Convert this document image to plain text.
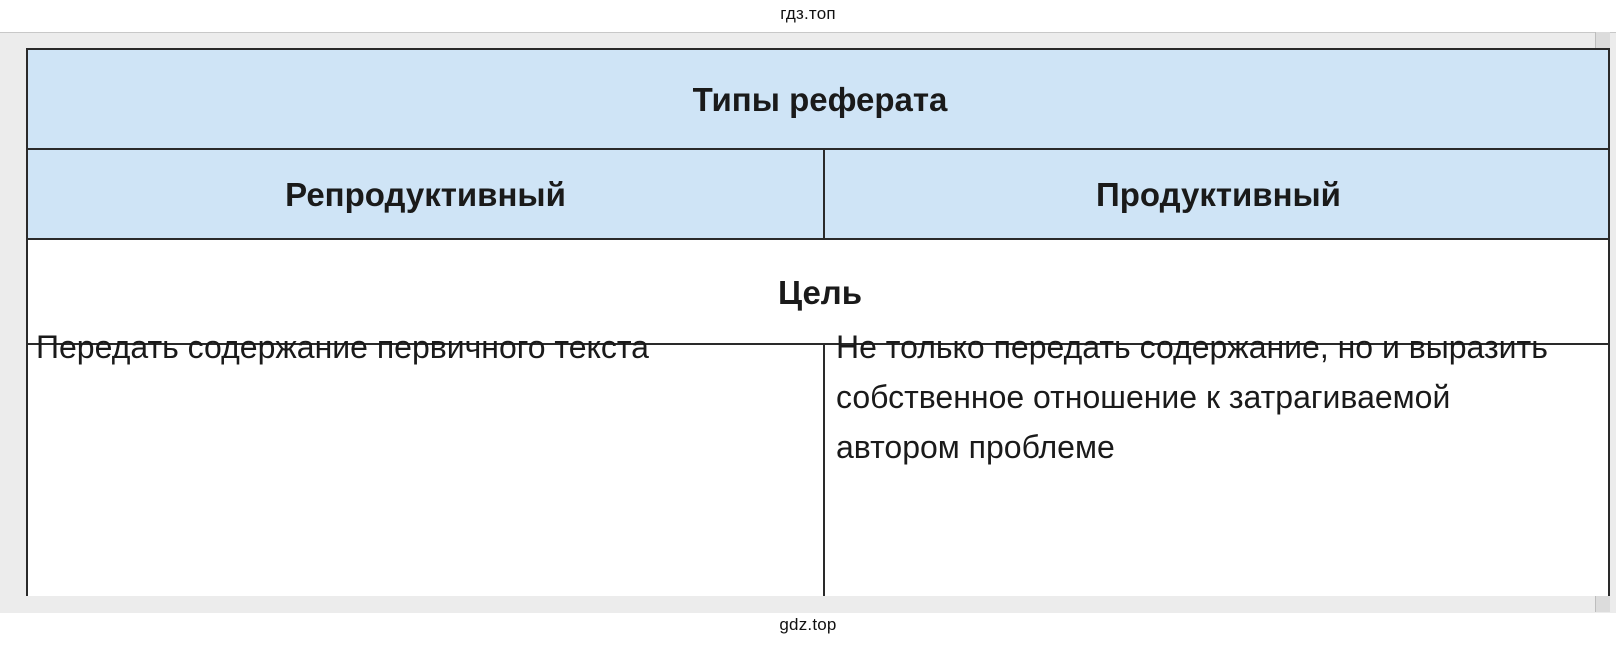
гдз.топ
Типы реферата
Репродуктивный	Продуктивный
Цель
Передать содержание первичного текста	Не только передать содержание, но и выразить собственное отношение к затрагиваемой автором проблеме
gdz.top
